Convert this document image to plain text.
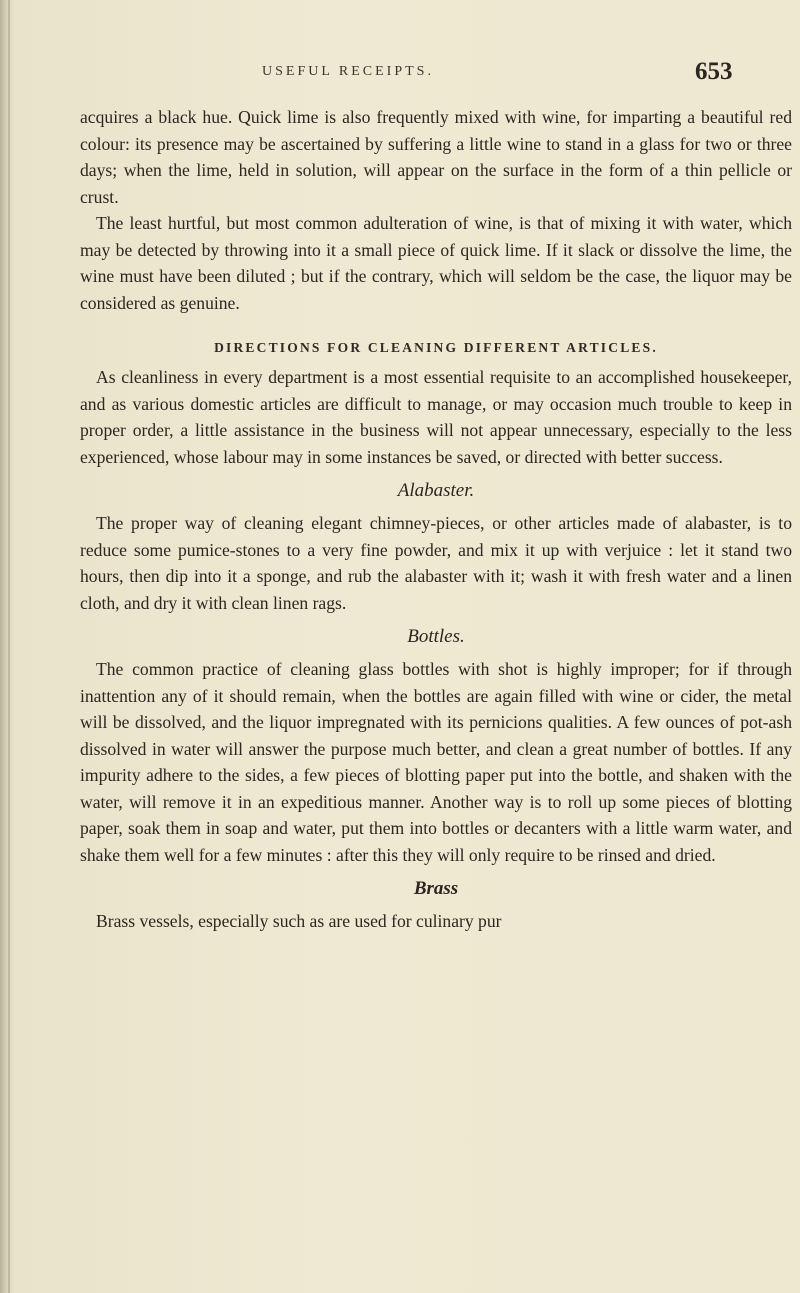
USEFUL RECEIPTS.	653

acquires a black hue. Quick lime is also frequently mixed with wine, for imparting a beautiful red colour: its presence may be ascertained by suffering a little wine to stand in a glass for two or three days; when the lime, held in solution, will appear on the surface in the form of a thin pellicle or crust.

The least hurtful, but most common adulteration of wine, is that of mixing it with water, which may be detected by throwing into it a small piece of quick lime. If it slack or dissolve the lime, the wine must have been diluted ; but if the contrary, which will seldom be the case, the liquor may be considered as genuine.

DIRECTIONS FOR CLEANING DIFFERENT ARTICLES.

As cleanliness in every department is a most essential requisite to an accomplished housekeeper, and as various domestic articles are difficult to manage, or may occasion much trouble to keep in proper order, a little assistance in the business will not appear unnecessary, especially to the less experienced, whose labour may in some instances be saved, or directed with better success.

Alabaster.

The proper way of cleaning elegant chimney-pieces, or other articles made of alabaster, is to reduce some pumice-stones to a very fine powder, and mix it up with verjuice : let it stand two hours, then dip into it a sponge, and rub the alabaster with it; wash it with fresh water and a linen cloth, and dry it with clean linen rags.

Bottles.

The common practice of cleaning glass bottles with shot is highly improper; for if through inattention any of it should remain, when the bottles are again filled with wine or cider, the metal will be dissolved, and the liquor impregnated with its pernicions qualities. A few ounces of pot-ash dissolved in water will answer the purpose much better, and clean a great number of bottles. If any impurity adhere to the sides, a few pieces of blotting paper put into the bottle, and shaken with the water, will remove it in an expeditious manner. Another way is to roll up some pieces of blotting paper, soak them in soap and water, put them into bottles or decanters with a little warm water, and shake them well for a few minutes : after this they will only require to be rinsed and dried.

Brass

Brass vessels, especially such as are used for culinary pur
